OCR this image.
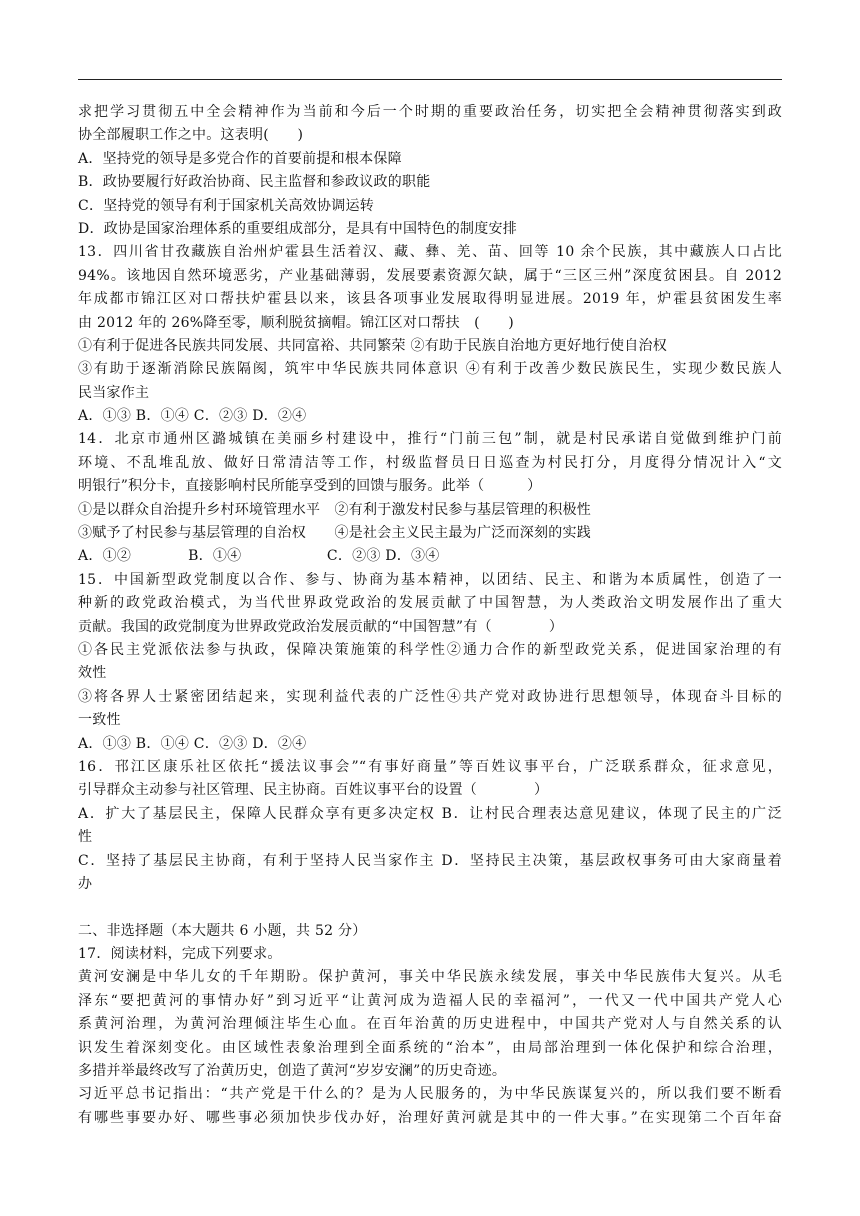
求把学习贯彻五中全会精神作为当前和今后一个时期的重要政治任务，切实把全会精神贯彻落实到政
协全部履职工作之中。这表明(　　)
A．坚持党的领导是多党合作的首要前提和根本保障
B．政协要履行好政治协商、民主监督和参政议政的职能
C．坚持党的领导有利于国家机关高效协调运转
D．政协是国家治理体系的重要组成部分，是具有中国特色的制度安排
13．四川省甘孜藏族自治州炉霍县生活着汉、藏、彝、羌、苗、回等 10 余个民族，其中藏族人口占比
94%。该地因自然环境恶劣，产业基础薄弱，发展要素资源欠缺，属于“三区三州”深度贫困县。自 2012
年成都市锦江区对口帮扶炉霍县以来，该县各项事业发展取得明显进展。2019 年，炉霍县贫困发生率
由 2012 年的 26%降至零，顺利脱贫摘帽。锦江区对口帮扶　(　　)
①有利于促进各民族共同发展、共同富裕、共同繁荣 ②有助于民族自治地方更好地行使自治权
③有助于逐渐消除民族隔阂，筑牢中华民族共同体意识 ④有利于改善少数民族民生，实现少数民族人
民当家作主
A．①③ B．①④ C．②③ D．②④
14．北京市通州区潞城镇在美丽乡村建设中，推行“门前三包”制，就是村民承诺自觉做到维护门前
环境、不乱堆乱放、做好日常清洁等工作，村级监督员日日巡查为村民打分，月度得分情况计入“文
明银行”积分卡，直接影响村民所能享受到的回馈与服务。此举（　　　）
①是以群众自治提升乡村环境管理水平　②有利于激发村民参与基层管理的积极性
③赋予了村民参与基层管理的自治权　　④是社会主义民主最为广泛而深刻的实践
A．①②　　　　B．①④　　　　　　C．②③ D．③④
15．中国新型政党制度以合作、参与、协商为基本精神，以团结、民主、和谐为本质属性，创造了一
种新的政党政治模式，为当代世界政党政治的发展贡献了中国智慧，为人类政治文明发展作出了重大
贡献。我国的政党制度为世界政党政治发展贡献的“中国智慧”有（　　　　）
①各民主党派依法参与执政，保障决策施策的科学性②通力合作的新型政党关系，促进国家治理的有
效性
③将各界人士紧密团结起来，实现利益代表的广泛性④共产党对政协进行思想领导，体现奋斗目标的
一致性
A．①③ B．①④ C．②③ D．②④
16．邗江区康乐社区依托“援法议事会”“有事好商量”等百姓议事平台，广泛联系群众，征求意见，
引导群众主动参与社区管理、民主协商。百姓议事平台的设置（　　　　）
A．扩大了基层民主，保障人民群众享有更多决定权 B．让村民合理表达意见建议，体现了民主的广泛
性
C．坚持了基层民主协商，有利于坚持人民当家作主 D．坚持民主决策，基层政权事务可由大家商量着
办
二、非选择题（本大题共 6 小题，共 52 分）
17．阅读材料，完成下列要求。
黄河安澜是中华儿女的千年期盼。保护黄河，事关中华民族永续发展，事关中华民族伟大复兴。从毛
泽东“要把黄河的事情办好”到习近平“让黄河成为造福人民的幸福河”，一代又一代中国共产党人心
系黄河治理，为黄河治理倾注毕生心血。在百年治黄的历史进程中，中国共产党对人与自然关系的认
识发生着深刻变化。由区域性表象治理到全面系统的“治本”，由局部治理到一体化保护和综合治理，
多措并举最终改写了治黄历史，创造了黄河“岁岁安澜”的历史奇迹。
习近平总书记指出：“共产党是干什么的？是为人民服务的，为中华民族谋复兴的，所以我们要不断看
有哪些事要办好、哪些事必须加快步伐办好，治理好黄河就是其中的一件大事。”在实现第二个百年奋
